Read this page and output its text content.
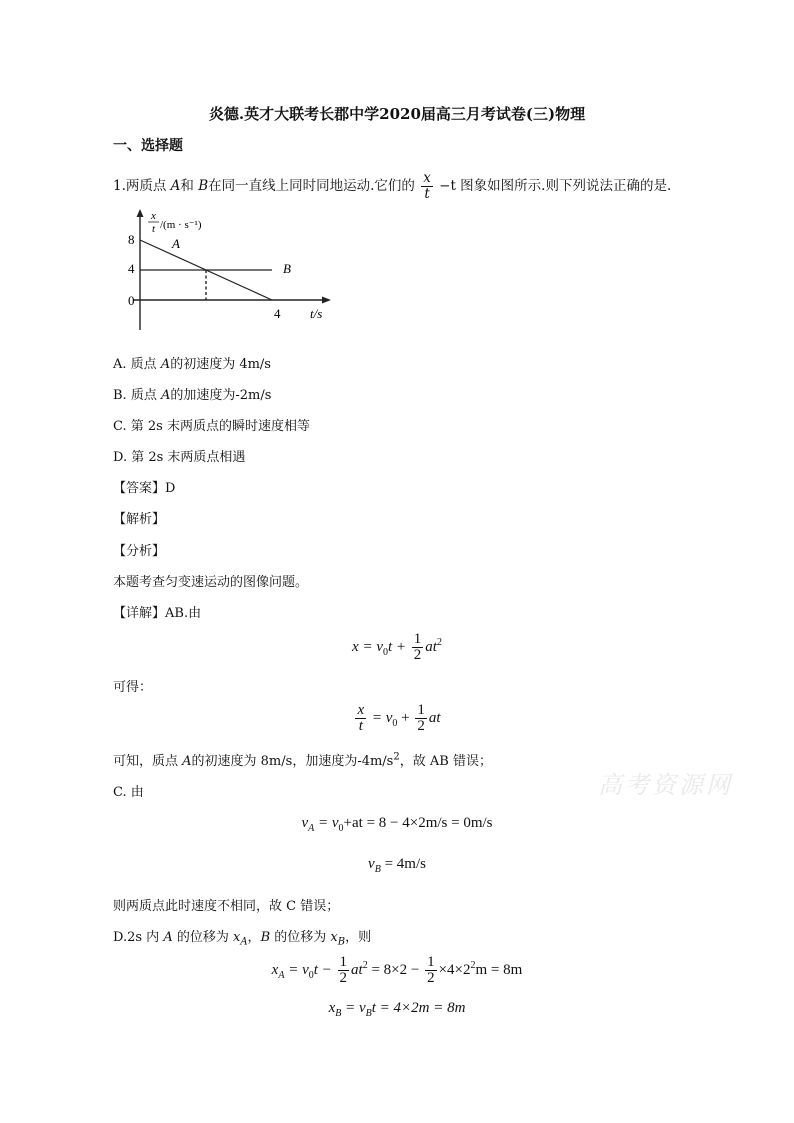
炎德.英才大联考长郡中学2020届高三月考试卷(三)物理
一、选择题
1.两质点 A和 B在同一直线上同时同地运动.它们的 $\frac{x}{t} -t$ 图象如图所示.则下列说法正确的是.
x
t /(m · s⁻¹)
8
4
0
A
B
4 t/s
A. 质点 A的初速度为 4m/s
B. 质点 A的加速度为-2m/s
C. 第 2s 末两质点的瞬时速度相等
D. 第 2s 末两质点相遇
【答案】D
【解析】
【分析】
本题考查匀变速运动的图像问题。
【详解】AB.由
$x = v_0t + \frac{1}{2} at^2$
可得：
$\frac{x}{t} = v_0 + \frac{1}{2}$ at
可知，质点 A的初速度为 8m/s，加速度为$-4m/s^2$，故 AB 错误；
高考资源网
C. 由
$v_A = v_0+at = 8 - 4\times 2m/s = 0m/s$
$v_B = 4m/s$
则两质点此时速度不相同，故 C 错误；
D.2s 内 A 的位移为 $x_A$，B 的位移为 $x_B$，则
$x_A = v_0t - \frac{1}{2} at^2 = 8\times 2 - \frac{1}{2} \times 4\times 2^2m = 8m$
$x_B = v_Bt = 4\times 2m = 8m$
